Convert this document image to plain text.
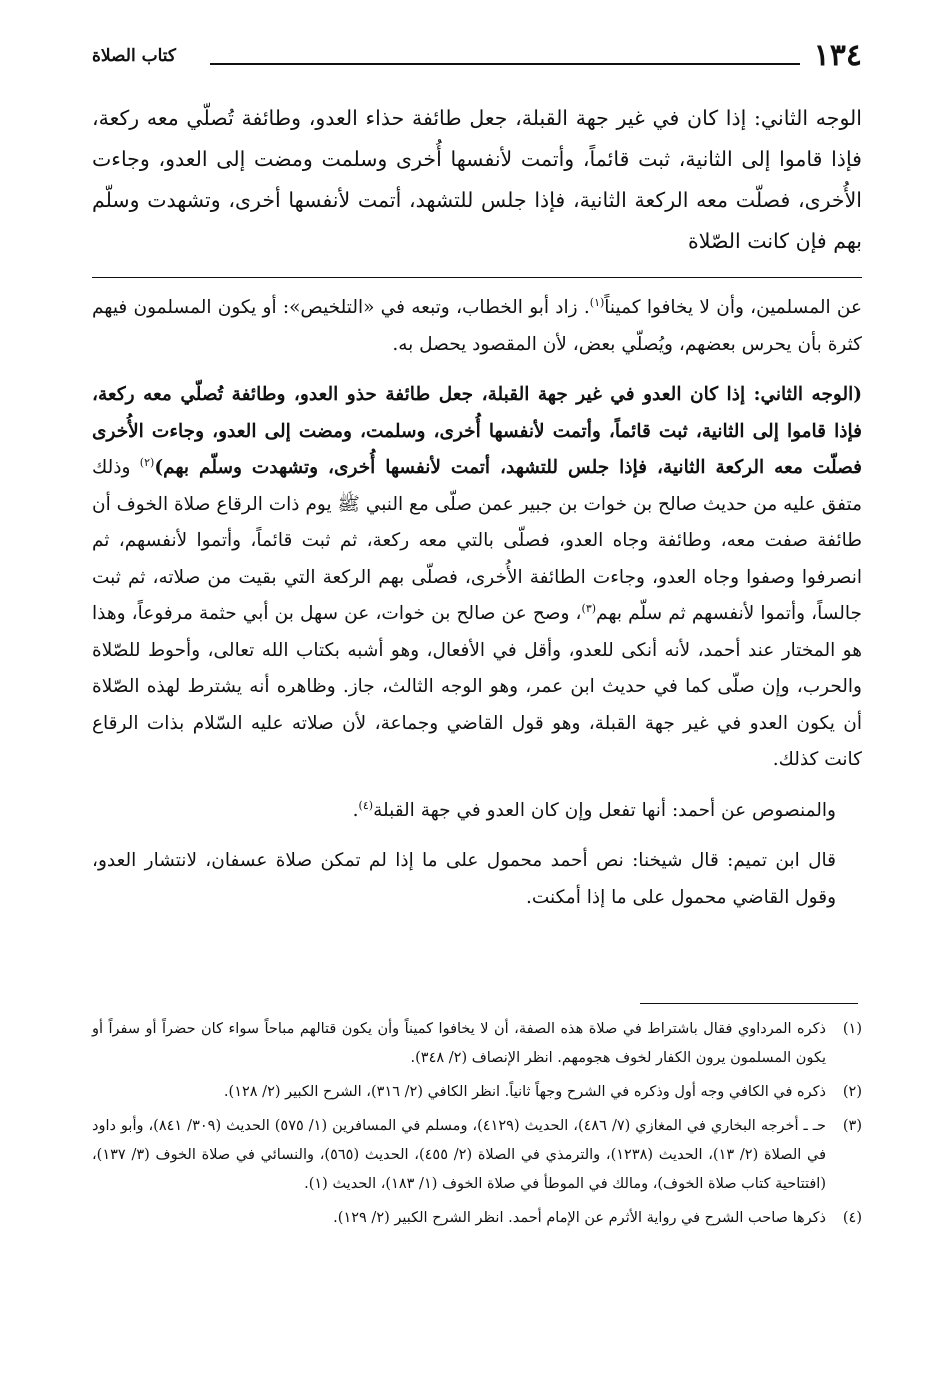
١٣٤
كتاب الصلاة

الوجه الثاني: إذا كان في غير جهة القبلة، جعل طائفة حذاء العدو، وطائفة تُصلّي معه ركعة، فإذا قاموا إلى الثانية، ثبت قائماً، وأتمت لأنفسها أُخرى وسلمت ومضت إلى العدو، وجاءت الأُخرى، فصلّت معه الركعة الثانية، فإذا جلس للتشهد، أتمت لأنفسها أخرى، وتشهدت وسلّم بهم فإن كانت الصّلاة

عن المسلمين، وأن لا يخافوا كميناً$^{(١)}$. زاد أبو الخطاب، وتبعه في «التلخيص»: أو يكون المسلمون فيهم كثرة بأن يحرس بعضهم، ويُصلّي بعض، لأن المقصود يحصل به.

(الوجه الثاني: إذا كان العدو في غير جهة القبلة، جعل طائفة حذو العدو، وطائفة تُصلّي معه ركعة، فإذا قاموا إلى الثانية، ثبت قائماً، وأتمت لأنفسها أُخرى، وسلمت، ومضت إلى العدو، وجاءت الأُخرى فصلّت معه الركعة الثانية، فإذا جلس للتشهد، أتمت لأنفسها أُخرى، وتشهدت وسلّم بهم)$^{(٢)}$ وذلك متفق عليه من حديث صالح بن خوات بن جبير عمن صلّى مع النبي ﷺ يوم ذات الرقاع صلاة الخوف أن طائفة صفت معه، وطائفة وجاه العدو، فصلّى بالتي معه ركعة، ثم ثبت قائماً، وأتموا لأنفسهم، ثم انصرفوا وصفوا وجاه العدو، وجاءت الطائفة الأُخرى، فصلّى بهم الركعة التي بقيت من صلاته، ثم ثبت جالساً، وأتموا لأنفسهم ثم سلّم بهم$^{(٣)}$، وصح عن صالح بن خوات، عن سهل بن أبي حثمة مرفوعاً، وهذا هو المختار عند أحمد، لأنه أنكى للعدو، وأقل في الأفعال، وهو أشبه بكتاب الله تعالى، وأحوط للصّلاة والحرب، وإن صلّى كما في حديث ابن عمر، وهو الوجه الثالث، جاز. وظاهره أنه يشترط لهذه الصّلاة أن يكون العدو في غير جهة القبلة، وهو قول القاضي وجماعة، لأن صلاته عليه السّلام بذات الرقاع كانت كذلك.

والمنصوص عن أحمد: أنها تفعل وإن كان العدو في جهة القبلة$^{(٤)}$.

قال ابن تميم: قال شيخنا: نص أحمد محمول على ما إذا لم تمكن صلاة عسفان، لانتشار العدو، وقول القاضي محمول على ما إذا أمكنت.

(١)
ذكره المرداوي فقال باشتراط في صلاة هذه الصفة، أن لا يخافوا كميناً وأن يكون قتالهم مباحاً سواء كان حضراً أو سفراً أو يكون المسلمون يرون الكفار لخوف هجومهم. انظر الإنصاف (٢/ ٣٤٨).
(٢)
ذكره في الكافي وجه أول وذكره في الشرح وجهاً ثانياً. انظر الكافي (٢/ ٣١٦)، الشرح الكبير (٢/ ١٢٨).
(٣)
حـ ـ أخرجه البخاري في المغازي (٧/ ٤٨٦)، الحديث (٤١٢٩)، ومسلم في المسافرين (١/ ٥٧٥) الحديث (٣٠٩/ ٨٤١)، وأبو داود في الصلاة (٢/ ١٣)، الحديث (١٢٣٨)، والترمذي في الصلاة (٢/ ٤٥٥)، الحديث (٥٦٥)، والنسائي في صلاة الخوف (٣/ ١٣٧)، (افتتاحية كتاب صلاة الخوف)، ومالك في الموطأ في صلاة الخوف (١/ ١٨٣)، الحديث (١).
(٤)
ذكرها صاحب الشرح في رواية الأثرم عن الإمام أحمد. انظر الشرح الكبير (٢/ ١٢٩).
